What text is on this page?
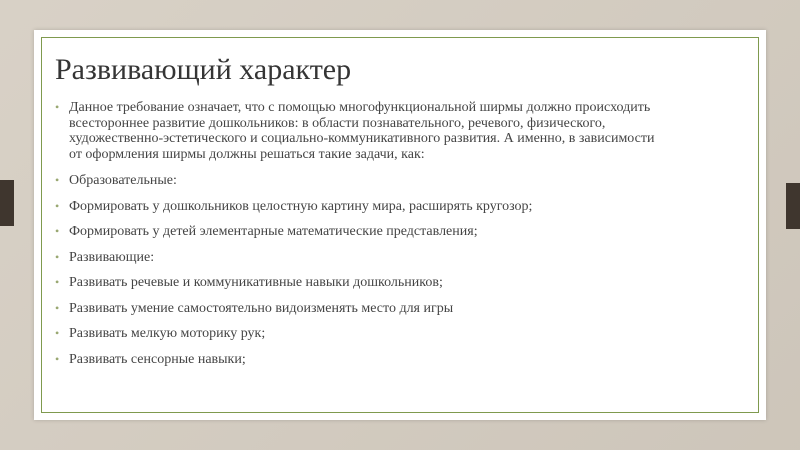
Развивающий характер
• Данное требование означает, что с помощью многофункциональной ширмы должно происходить всестороннее развитие дошкольников: в области познавательного, речевого, физического, художественно-эстетического и социально-коммуникативного развития. А именно, в зависимости от оформления ширмы должны решаться такие задачи, как:
• Образовательные:
• Формировать у дошкольников целостную картину мира, расширять кругозор;
• Формировать у детей элементарные математические представления;
• Развивающие:
• Развивать речевые и коммуникативные навыки дошкольников;
• Развивать умение самостоятельно видоизменять место для игры
• Развивать мелкую моторику рук;
• Развивать сенсорные навыки;
